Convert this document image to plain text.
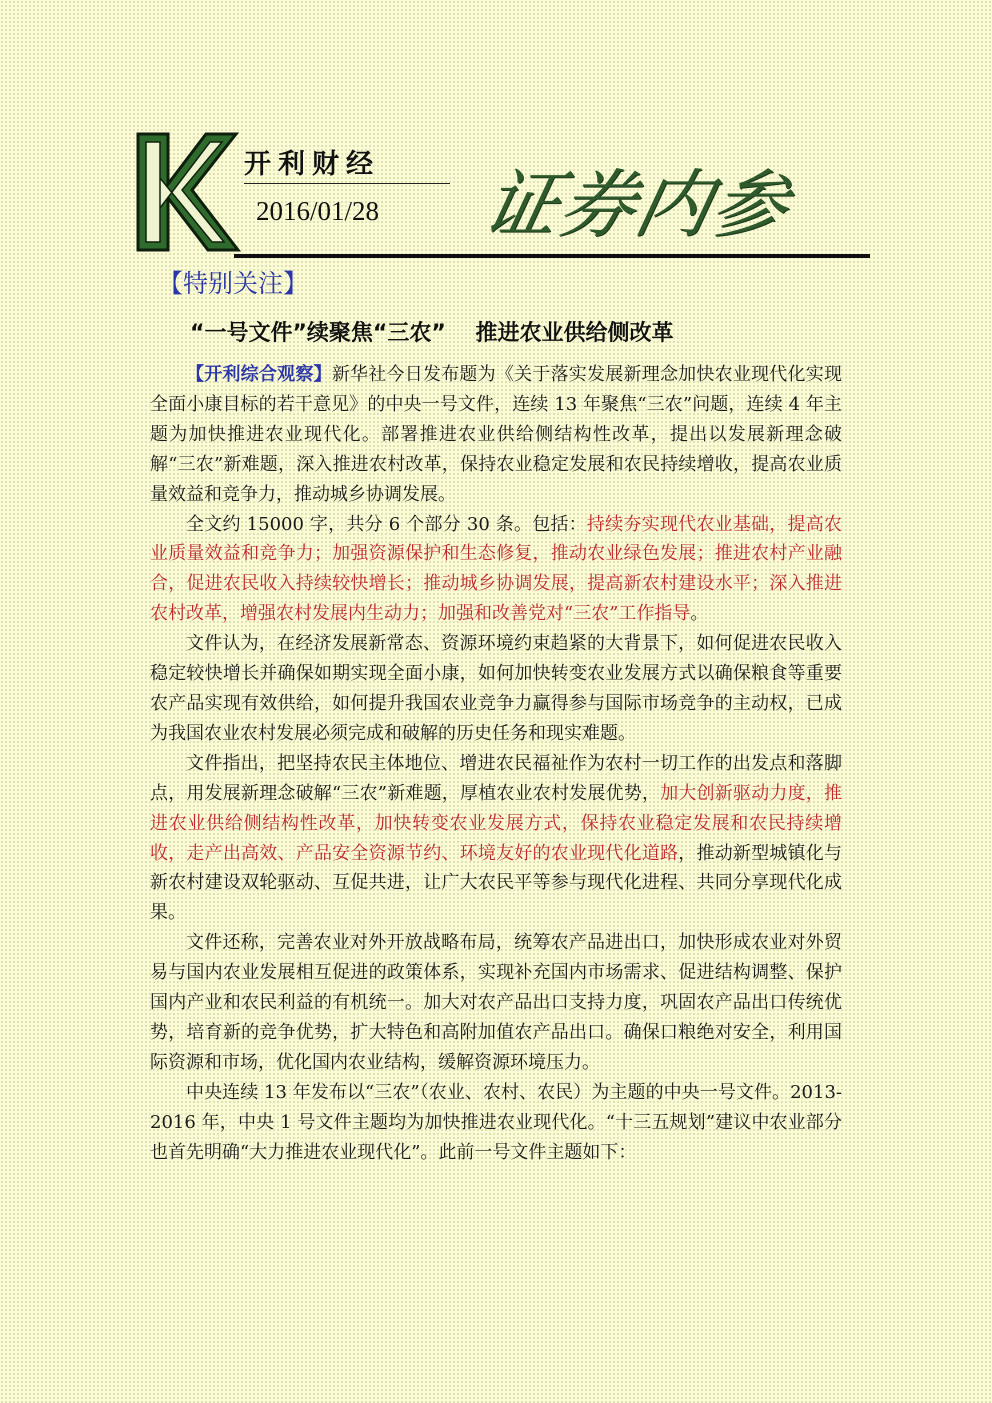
开利财经
2016/01/28 证券内参
【特别关注】
“一号文件”续聚焦“三农”　 推进农业供给侧改革

【开利综合观察】新华社今日发布题为《关于落实发展新理念加快农业现代化实现全面小康目标的若干意见》的中央一号文件，连续 13 年聚焦“三农”问题，连续 4 年主题为加快推进农业现代化。部署推进农业供给侧结构性改革，提出以发展新理念破解“三农”新难题，深入推进农村改革，保持农业稳定发展和农民持续增收，提高农业质量效益和竞争力，推动城乡协调发展。

全文约 15000 字，共分 6 个部分 30 条。包括：持续夯实现代农业基础，提高农业质量效益和竞争力；加强资源保护和生态修复，推动农业绿色发展；推进农村产业融合，促进农民收入持续较快增长；推动城乡协调发展，提高新农村建设水平；深入推进农村改革，增强农村发展内生动力；加强和改善党对“三农”工作指导。

文件认为，在经济发展新常态、资源环境约束趋紧的大背景下，如何促进农民收入稳定较快增长并确保如期实现全面小康，如何加快转变农业发展方式以确保粮食等重要农产品实现有效供给，如何提升我国农业竞争力赢得参与国际市场竞争的主动权，已成为我国农业农村发展必须完成和破解的历史任务和现实难题。

文件指出，把坚持农民主体地位、增进农民福祉作为农村一切工作的出发点和落脚点，用发展新理念破解“三农”新难题，厚植农业农村发展优势，加大创新驱动力度，推进农业供给侧结构性改革，加快转变农业发展方式，保持农业稳定发展和农民持续增收，走产出高效、产品安全资源节约、环境友好的农业现代化道路，推动新型城镇化与新农村建设双轮驱动、互促共进，让广大农民平等参与现代化进程、共同分享现代化成果。

文件还称，完善农业对外开放战略布局，统筹农产品进出口，加快形成农业对外贸易与国内农业发展相互促进的政策体系，实现补充国内市场需求、促进结构调整、保护国内产业和农民利益的有机统一。加大对农产品出口支持力度，巩固农产品出口传统优势，培育新的竞争优势，扩大特色和高附加值农产品出口。确保口粮绝对安全，利用国际资源和市场，优化国内农业结构，缓解资源环境压力。

中央连续 13 年发布以“三农”（农业、农村、农民）为主题的中央一号文件。2013-2016 年，中央 1 号文件主题均为加快推进农业现代化。“十三五规划”建议中农业部分也首先明确“大力推进农业现代化”。此前一号文件主题如下：
